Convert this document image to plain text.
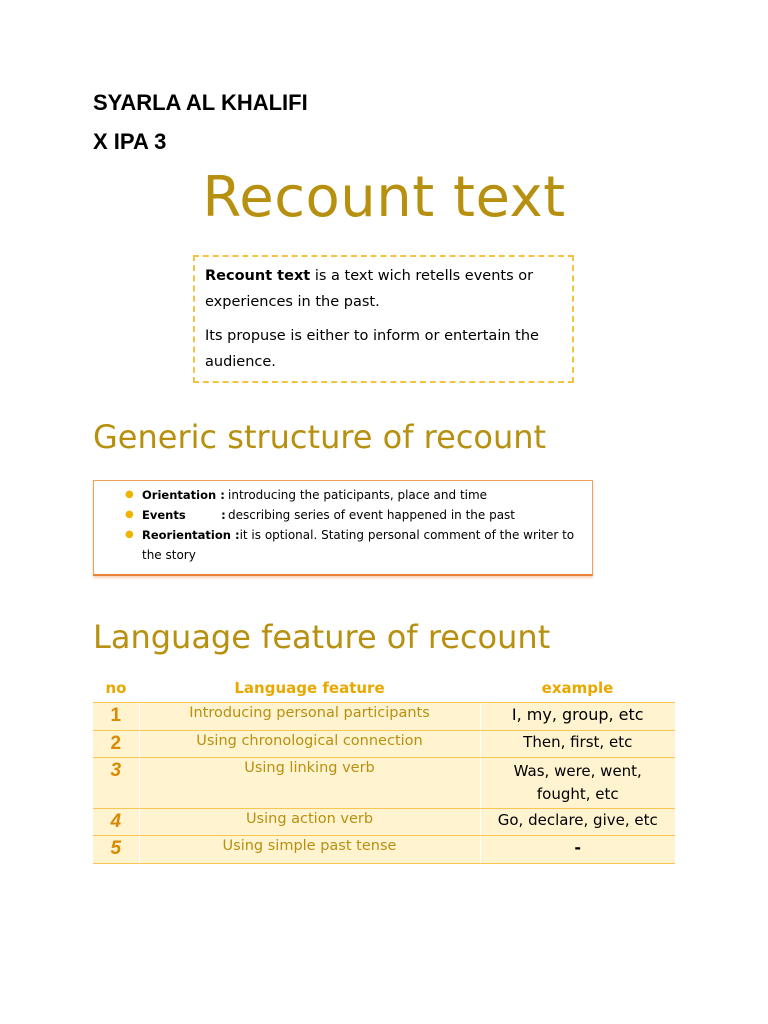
SYARLA AL KHALIFI

X IPA 3

Recount text

Recount text is a text wich retells events or experiences in the past.

Its propuse is either to inform or entertain the audience.

Generic structure of recount
● Orientation :introducing the paticipants, place and time
● Events	:describing series of event happened in the past
● Reorientation :it is optional. Stating personal comment of the writer to the story
Language feature of recount
no	Language feature	example
1	Introducing personal participants	I, my, group, etc
2	Using chronological connection	Then, first, etc
3	Using linking verb	Was, were, went, fought, etc
4	Using action verb	Go, declare, give, etc
5	Using simple past tense	-
